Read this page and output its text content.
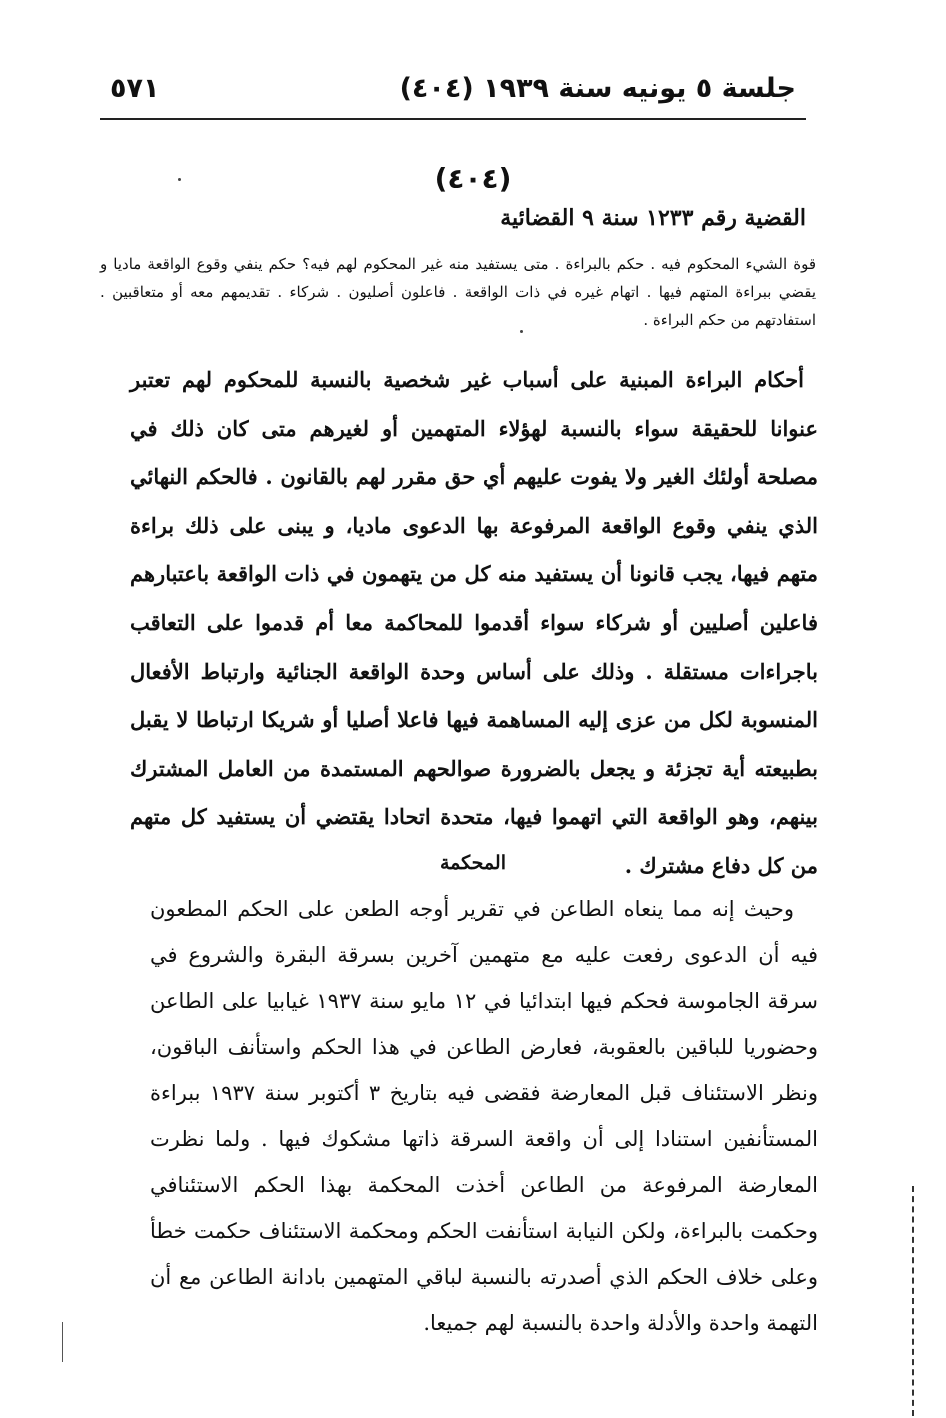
جلسة ٥ يونيه سنة ١٩٣٩ (٤٠٤)
٥٧١
(٤٠٤)
القضية رقم ١٢٣٣ سنة ٩ القضائية
قوة الشيء المحكوم فيه . حكم بالبراءة . متى يستفيد منه غير المحكوم لهم فيه؟ حكم ينفي وقوع الواقعة ماديا و يقضي ببراءة المتهم فيها . اتهام غيره في ذات الواقعة . فاعلون أصليون . شركاء . تقديمهم معه أو متعاقبين . استفادتهم من حكم البراءة .
أحكام البراءة المبنية على أسباب غير شخصية بالنسبة للمحكوم لهم تعتبر عنوانا للحقيقة سواء بالنسبة لهؤلاء المتهمين أو لغيرهم متى كان ذلك في مصلحة أولئك الغير ولا يفوت عليهم أي حق مقرر لهم بالقانون . فالحكم النهائي الذي ينفي وقوع الواقعة المرفوعة بها الدعوى ماديا، و يبنى على ذلك براءة متهم فيها، يجب قانونا أن يستفيد منه كل من يتهمون في ذات الواقعة باعتبارهم فاعلين أصليين أو شركاء سواء أقدموا للمحاكمة معا أم قدموا على التعاقب باجراءات مستقلة . وذلك على أساس وحدة الواقعة الجنائية وارتباط الأفعال المنسوبة لكل من عزى إليه المساهمة فيها فاعلا أصليا أو شريكا ارتباطا لا يقبل بطبيعته أية تجزئة و يجعل بالضرورة صوالحهم المستمدة من العامل المشترك بينهم، وهو الواقعة التي اتهموا فيها، متحدة اتحادا يقتضي أن يستفيد كل متهم من كل دفاع مشترك .
المحكمة
وحيث إنه مما ينعاه الطاعن في تقرير أوجه الطعن على الحكم المطعون فيه أن الدعوى رفعت عليه مع متهمين آخرين بسرقة البقرة والشروع في سرقة الجاموسة فحكم فيها ابتدائيا في ١٢ مايو سنة ١٩٣٧ غيابيا على الطاعن وحضوريا للباقين بالعقوبة، فعارض الطاعن في هذا الحكم واستأنف الباقون، ونظر الاستئناف قبل المعارضة فقضى فيه بتاريخ ٣ أكتوبر سنة ١٩٣٧ ببراءة المستأنفين استنادا إلى أن واقعة السرقة ذاتها مشكوك فيها . ولما نظرت المعارضة المرفوعة من الطاعن أخذت المحكمة بهذا الحكم الاستئنافي وحكمت بالبراءة، ولكن النيابة استأنفت الحكم ومحكمة الاستئناف حكمت خطأ وعلى خلاف الحكم الذي أصدرته بالنسبة لباقي المتهمين بادانة الطاعن مع أن التهمة واحدة والأدلة واحدة بالنسبة لهم جميعا.
